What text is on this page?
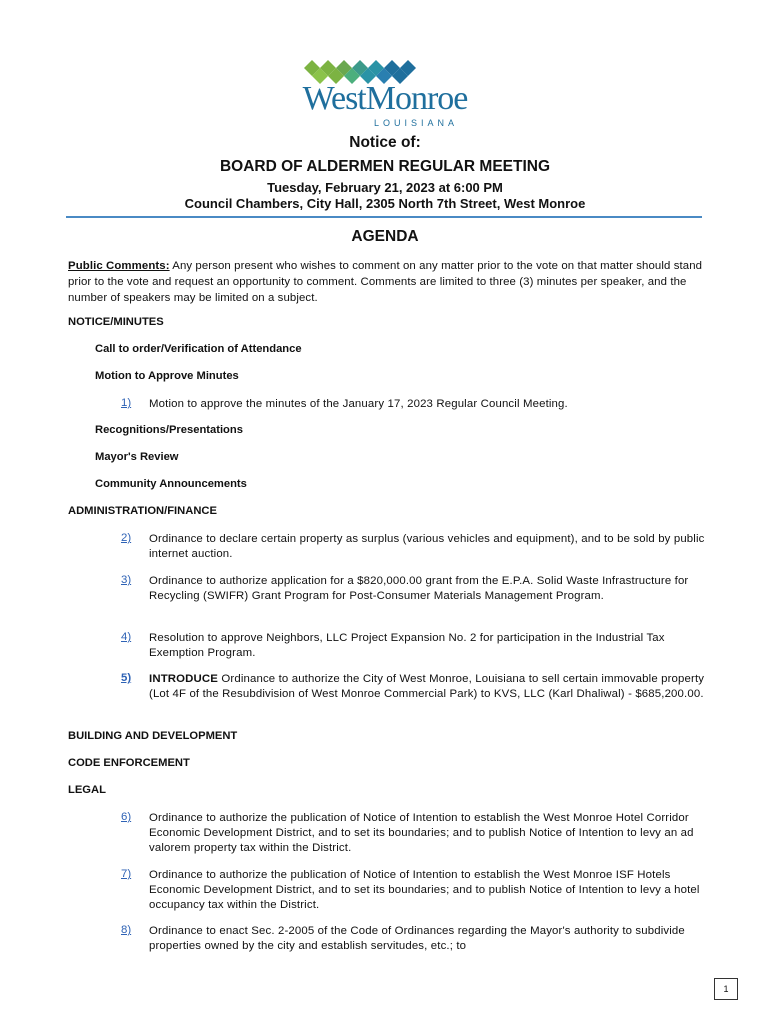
WestMonroe
LOUISIANA
Notice of:
BOARD OF ALDERMEN REGULAR MEETING
Tuesday, February 21, 2023 at 6:00 PM
Council Chambers, City Hall, 2305 North 7th Street, West Monroe
AGENDA
Public Comments: Any person present who wishes to comment on any matter prior to the vote on that matter should stand prior to the vote and request an opportunity to comment. Comments are limited to three (3) minutes per speaker, and the number of speakers may be limited on a subject.
NOTICE/MINUTES
Call to order/Verification of Attendance
Motion to Approve Minutes
1) Motion to approve the minutes of the January 17, 2023 Regular Council Meeting.
Recognitions/Presentations
Mayor's Review
Community Announcements
ADMINISTRATION/FINANCE
2) Ordinance to declare certain property as surplus (various vehicles and equipment), and to be sold by public internet auction.
3) Ordinance to authorize application for a $820,000.00 grant from the E.P.A. Solid Waste Infrastructure for Recycling (SWIFR) Grant Program for Post-Consumer Materials Management Program.
4) Resolution to approve Neighbors, LLC Project Expansion No. 2 for participation in the Industrial Tax Exemption Program.
5) INTRODUCE Ordinance to authorize the City of West Monroe, Louisiana to sell certain immovable property (Lot 4F of the Resubdivision of West Monroe Commercial Park) to KVS, LLC (Karl Dhaliwal) - $685,200.00.
BUILDING AND DEVELOPMENT
CODE ENFORCEMENT
LEGAL
6) Ordinance to authorize the publication of Notice of Intention to establish the West Monroe Hotel Corridor Economic Development District, and to set its boundaries; and to publish Notice of Intention to levy an ad valorem property tax within the District.
7) Ordinance to authorize the publication of Notice of Intention to establish the West Monroe ISF Hotels Economic Development District, and to set its boundaries; and to publish Notice of Intention to levy a hotel occupancy tax within the District.
8) Ordinance to enact Sec. 2-2005 of the Code of Ordinances regarding the Mayor's authority to subdivide properties owned by the city and establish servitudes, etc.; to
1
